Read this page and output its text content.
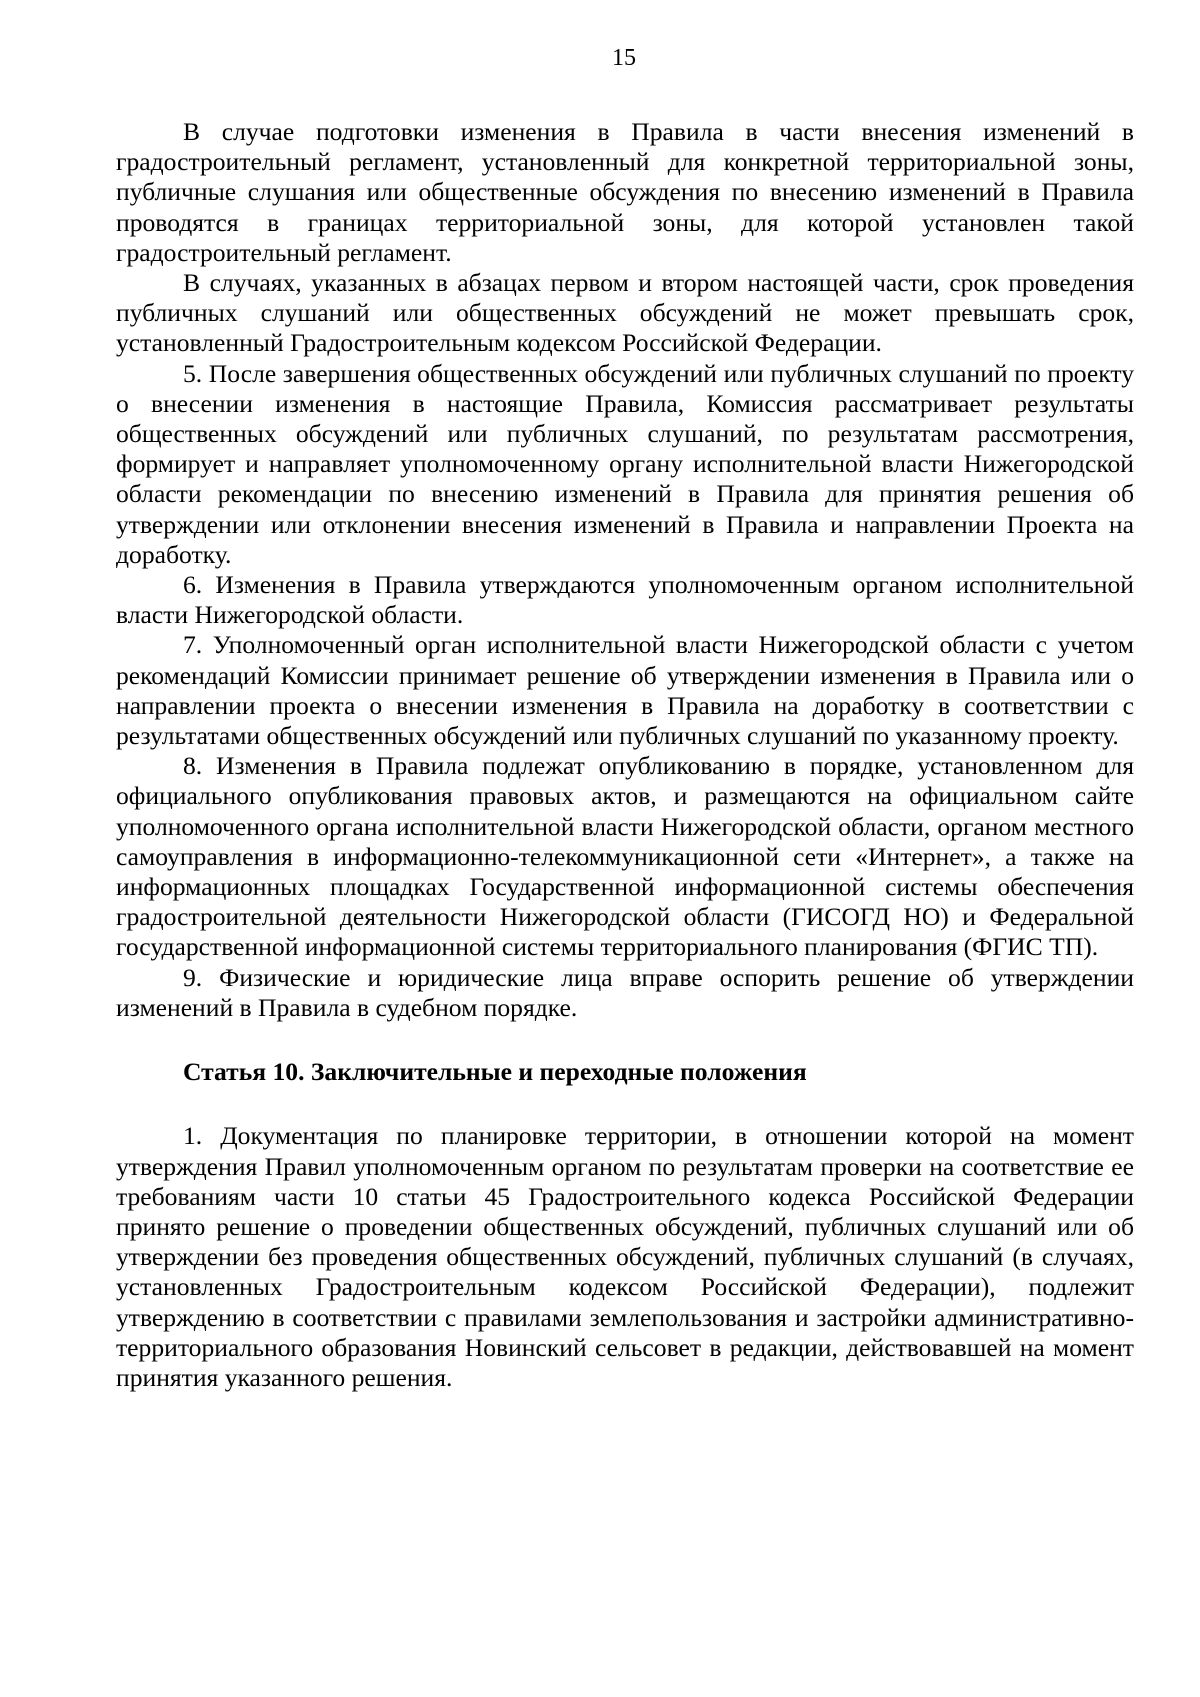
15

В случае подготовки изменения в Правила в части внесения изменений в градостроительный регламент, установленный для конкретной территориальной зоны, публичные слушания или общественные обсуждения по внесению изменений в Правила проводятся в границах территориальной зоны, для которой установлен такой градостроительный регламент.

В случаях, указанных в абзацах первом и втором настоящей части, срок проведения публичных слушаний или общественных обсуждений не может превышать срок, установленный Градостроительным кодексом Российской Федерации.

5. После завершения общественных обсуждений или публичных слушаний по проекту о внесении изменения в настоящие Правила, Комиссия рассматривает результаты общественных обсуждений или публичных слушаний, по результатам рассмотрения, формирует и направляет уполномоченному органу исполнительной власти Нижегородской области рекомендации по внесению изменений в Правила для принятия решения об утверждении или отклонении внесения изменений в Правила и направлении Проекта на доработку.

6. Изменения в Правила утверждаются уполномоченным органом исполнительной власти Нижегородской области.

7. Уполномоченный орган исполнительной власти Нижегородской области с учетом рекомендаций Комиссии принимает решение об утверждении изменения в Правила или о направлении проекта о внесении изменения в Правила на доработку в соответствии с результатами общественных обсуждений или публичных слушаний по указанному проекту.

8. Изменения в Правила подлежат опубликованию в порядке, установленном для официального опубликования правовых актов, и размещаются на официальном сайте уполномоченного органа исполнительной власти Нижегородской области, органом местного самоуправления в информационно-телекоммуникационной сети «Интернет», а также на информационных площадках Государственной информационной системы обеспечения градостроительной деятельности Нижегородской области (ГИСОГД НО) и Федеральной государственной информационной системы территориального планирования (ФГИС ТП).

9. Физические и юридические лица вправе оспорить решение об утверждении изменений в Правила в судебном порядке.

Статья 10. Заключительные и переходные положения

1. Документация по планировке территории, в отношении которой на момент утверждения Правил уполномоченным органом по результатам проверки на соответствие ее требованиям части 10 статьи 45 Градостроительного кодекса Российской Федерации принято решение о проведении общественных обсуждений, публичных слушаний или об утверждении без проведения общественных обсуждений, публичных слушаний (в случаях, установленных Градостроительным кодексом Российской Федерации), подлежит утверждению в соответствии с правилами землепользования и застройки административно-территориального образования Новинский сельсовет в редакции, действовавшей на момент принятия указанного решения.
